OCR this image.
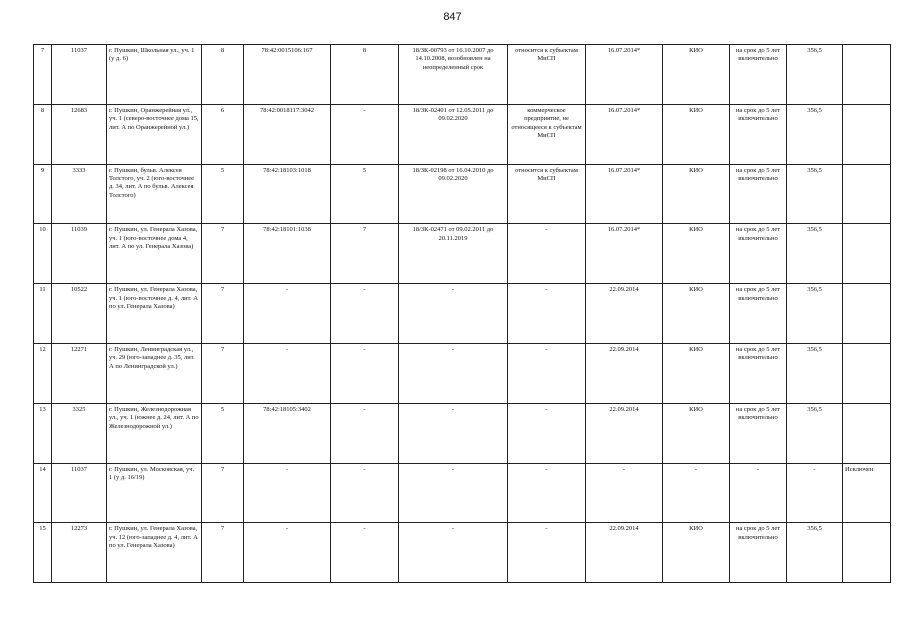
847
7	11037	г. Пушкин, Школьная ул., уч. 1 (у д. 6)	8	78:42:0015106:167	8	18/ЗК-00793 от 16.10.2007 до 14.10.2008, возобновлен на неопределенный срок	относится к субъектам МиСП	16.07.2014*	КИО	на срок до 5 лет включительно	356,5	
8	12683	г. Пушкин, Оранжерейная ул., уч. 1 (северо-восточнее дома 15, лит. А по Оранжерейной ул.)	6	78:42:0018117:3042	-	18/ЗК-02401 от 12.05.2011 до 09.02.2020	коммерческое предприятие, не относящееся к субъектам МиСП	16.07.2014*	КИО	на срок до 5 лет включительно	356,5	
9	3333	г. Пушкин, бульв. Алексея Толстого, уч. 2 (юго-восточнее д. 34, лит. А по бульв. Алексея Толстого)	5	78:42:18103:1018	5	18/ЗК-02198 от 16.04.2010 до 09.02.2020	относится к субъектам МиСП	16.07.2014*	КИО	на срок до 5 лет включительно	356,5	
10	11039	г. Пушкин, ул. Генерала Хазова, уч. 1 (юго-восточнее дома 4, лит. А по ул. Генерала Хазова)	7	78:42:18101:1038	7	18/ЗК-02471 от 09.02.2011 до 20.11.2019	-	16.07.2014*	КИО	на срок до 5 лет включительно	356,5	
11	10522	г. Пушкин, ул. Генерала Хазова, уч. 1 (юго-восточнее д. 4, лит. А по ул. Генерала Хазова)	7	-	-	-	-	22.09.2014	КИО	на срок до 5 лет включительно	356,5	
12	12271	г. Пушкин, Ленинградская ул., уч. 29 (юго-западнее д. 35, лит. А по Ленинградской ул.)	7	-	-	-	-	22.09.2014	КИО	на срок до 5 лет включительно	356,5	
13	3325	г. Пушкин, Железнодорожная ул., уч. 1 (южнее д. 24, лит. А по Железнодорожной ул.)	5	78:42:18105:3402	-	-	-	22.09.2014	КИО	на срок до 5 лет включительно	356,5	
14	11037	г. Пушкин, ул. Московская, уч. 1 (у д. 16/19)	7	-	-	-	-	-	-	-	-	Исключен
15	12273	г. Пушкин, ул. Генерала Хазова, уч. 12 (юго-западнее д. 4, лит. А по ул. Генерала Хазова)	7	-	-	-	-	22.09.2014	КИО	на срок до 5 лет включительно	356,5	
